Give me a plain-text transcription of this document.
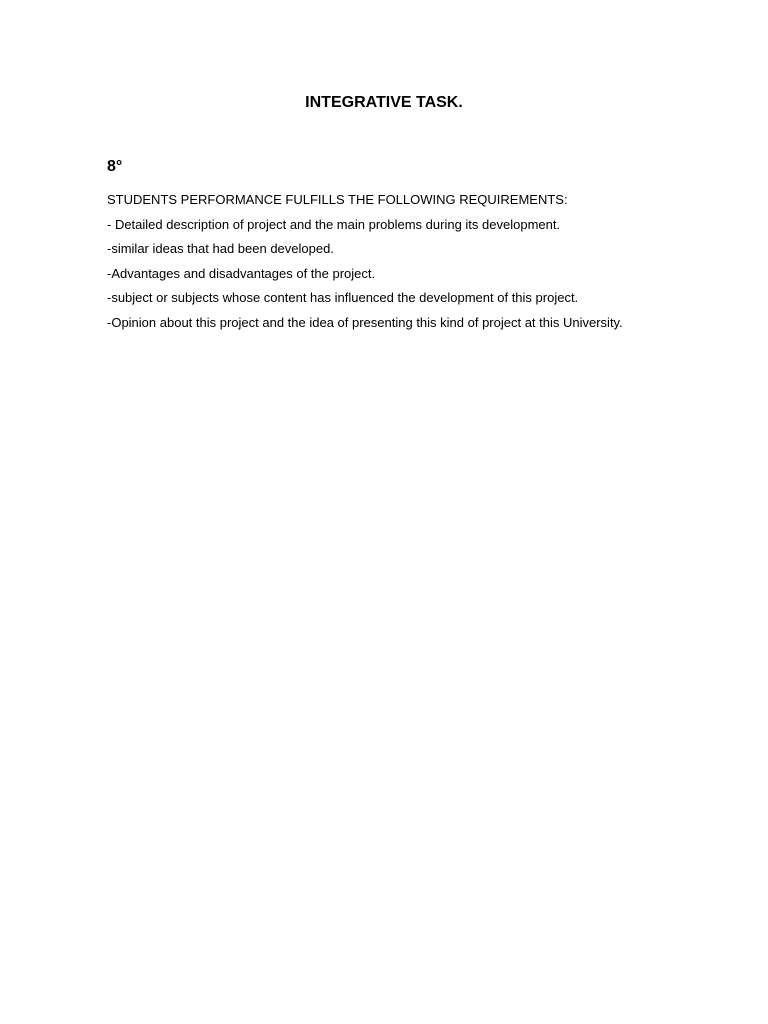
INTEGRATIVE TASK.
8°
STUDENTS PERFORMANCE FULFILLS THE FOLLOWING REQUIREMENTS:
- Detailed description of project and the main problems during its development.
-similar ideas that had been developed.
-Advantages and disadvantages of the project.
-subject or subjects whose content has influenced the development of this project.
-Opinion about this project and the idea of presenting this kind of project at this University.
